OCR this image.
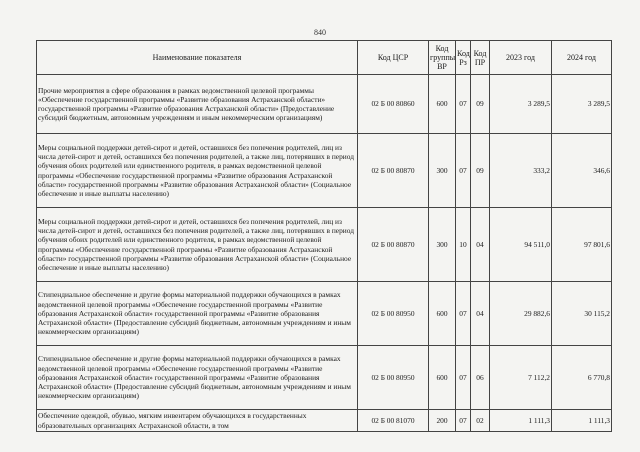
840
Наименование показателя	Код ЦСР	Код группы ВР	Код Рз	Код ПР	2023 год	2024 год
Прочие мероприятия в сфере образования в рамках ведомственной целевой программы «Обеспечение государственной программы «Развитие образования Астраханской области» государственной программы «Развитие образования Астраханской области» (Предоставление субсидий бюджетным, автономным учреждениям и иным некоммерческим организациям)	02 Б 00 80860	600	07	09	3 289,5	3 289,5
Меры социальной поддержки детей-сирот и детей, оставшихся без попечения родителей, лиц из числа детей-сирот и детей, оставшихся без попечения родителей, а также лиц, потерявших в период обучения обоих родителей или единственного родителя, в рамках ведомственной целевой программы «Обеспечение государственной программы «Развитие образования Астраханской области» государственной программы «Развитие образования Астраханской области» (Социальное обеспечение и иные выплаты населению)	02 Б 00 80870	300	07	09	333,2	346,6
Меры социальной поддержки детей-сирот и детей, оставшихся без попечения родителей, лиц из числа детей-сирот и детей, оставшихся без попечения родителей, а также лиц, потерявших в период обучения обоих родителей или единственного родителя, в рамках ведомственной целевой программы «Обеспечение государственной программы «Развитие образования Астраханской области» государственной программы «Развитие образования Астраханской области» (Социальное обеспечение и иные выплаты населению)	02 Б 00 80870	300	10	04	94 511,0	97 801,6
Стипендиальное обеспечение и другие формы материальной поддержки обучающихся в рамках ведомственной целевой программы «Обеспечение государственной программы «Развитие образования Астраханской области» государственной программы «Развитие образования Астраханской области» (Предоставление субсидий бюджетным, автономным учреждениям и иным некоммерческим организациям)	02 Б 00 80950	600	07	04	29 882,6	30 115,2
Стипендиальное обеспечение и другие формы материальной поддержки обучающихся в рамках ведомственной целевой программы «Обеспечение государственной программы «Развитие образования Астраханской области» государственной программы «Развитие образования Астраханской области» (Предоставление субсидий бюджетным, автономным учреждениям и иным некоммерческим организациям)	02 Б 00 80950	600	07	06	7 112,2	6 770,8
Обеспечение одеждой, обувью, мягким инвентарем обучающихся в государственных образовательных организациях Астраханской области, в том	02 Б 00 81070	200	07	02	1 111,3	1 111,3
